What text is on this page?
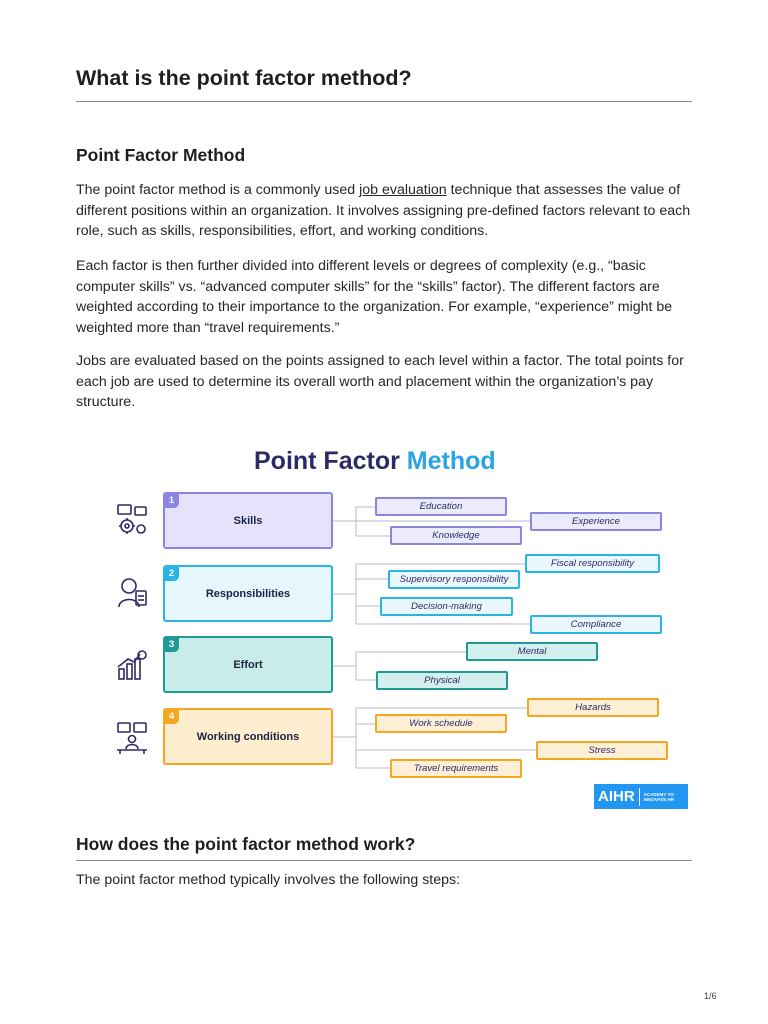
What is the point factor method?
Point Factor Method

The point factor method is a commonly used job evaluation technique that assesses the value of different positions within an organization. It involves assigning pre-defined factors relevant to each role, such as skills, responsibilities, effort, and working conditions.

Each factor is then further divided into different levels or degrees of complexity (e.g., “basic computer skills” vs. “advanced computer skills” for the “skills” factor). The different factors are weighted according to their importance to the organization. For example, “experience” might be weighted more than “travel requirements.”

Jobs are evaluated based on the points assigned to each level within a factor. The total points for each job are used to determine its overall worth and placement within the organization’s pay structure.

Point Factor Method
1
Skills
2
Responsibilities
3
Effort
4
Working conditions
Education
Knowledge
Experience
Fiscal responsibility
Supervisory responsibility
Decision-making
Compliance
Mental
Physical
Hazards
Work schedule
Stress
Travel requirements
AIHR ACADEMY TO INNOVATE HR
How does the point factor method work?

The point factor method typically involves the following steps:

1/6
